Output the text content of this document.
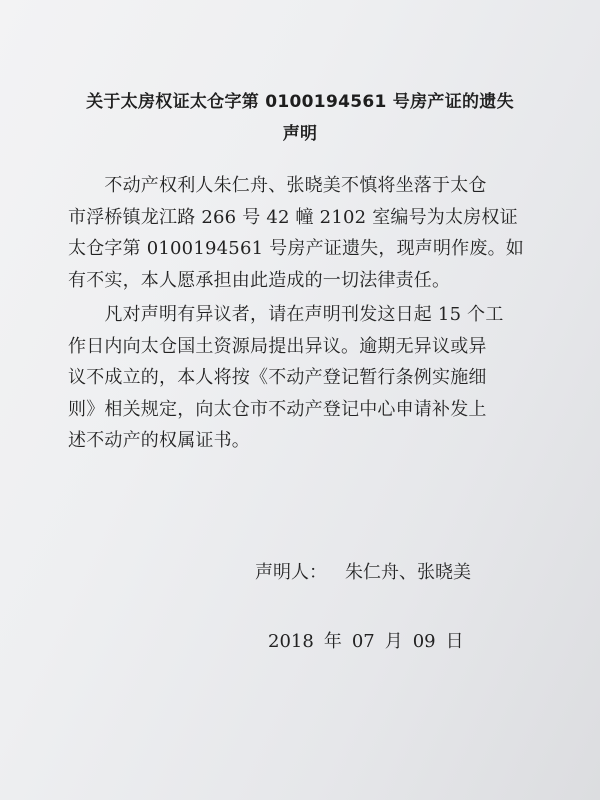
关于太房权证太仓字第 0100194561 号房产证的遗失
声明
　　不动产权利人朱仁舟、张晓美不慎将坐落于太仓
市浮桥镇龙江路 266 号 42 幢 2102 室编号为太房权证
太仓字第 0100194561 号房产证遗失，现声明作废。如
有不实，本人愿承担由此造成的一切法律责任。
　　凡对声明有异议者，请在声明刊发这日起 15 个工
作日内向太仓国土资源局提出异议。逾期无异议或异
议不成立的，本人将按《不动产登记暂行条例实施细
则》相关规定，向太仓市不动产登记中心申请补发上
述不动产的权属证书。
声明人： 朱仁舟、张晓美
2018 年 07 月 09 日
